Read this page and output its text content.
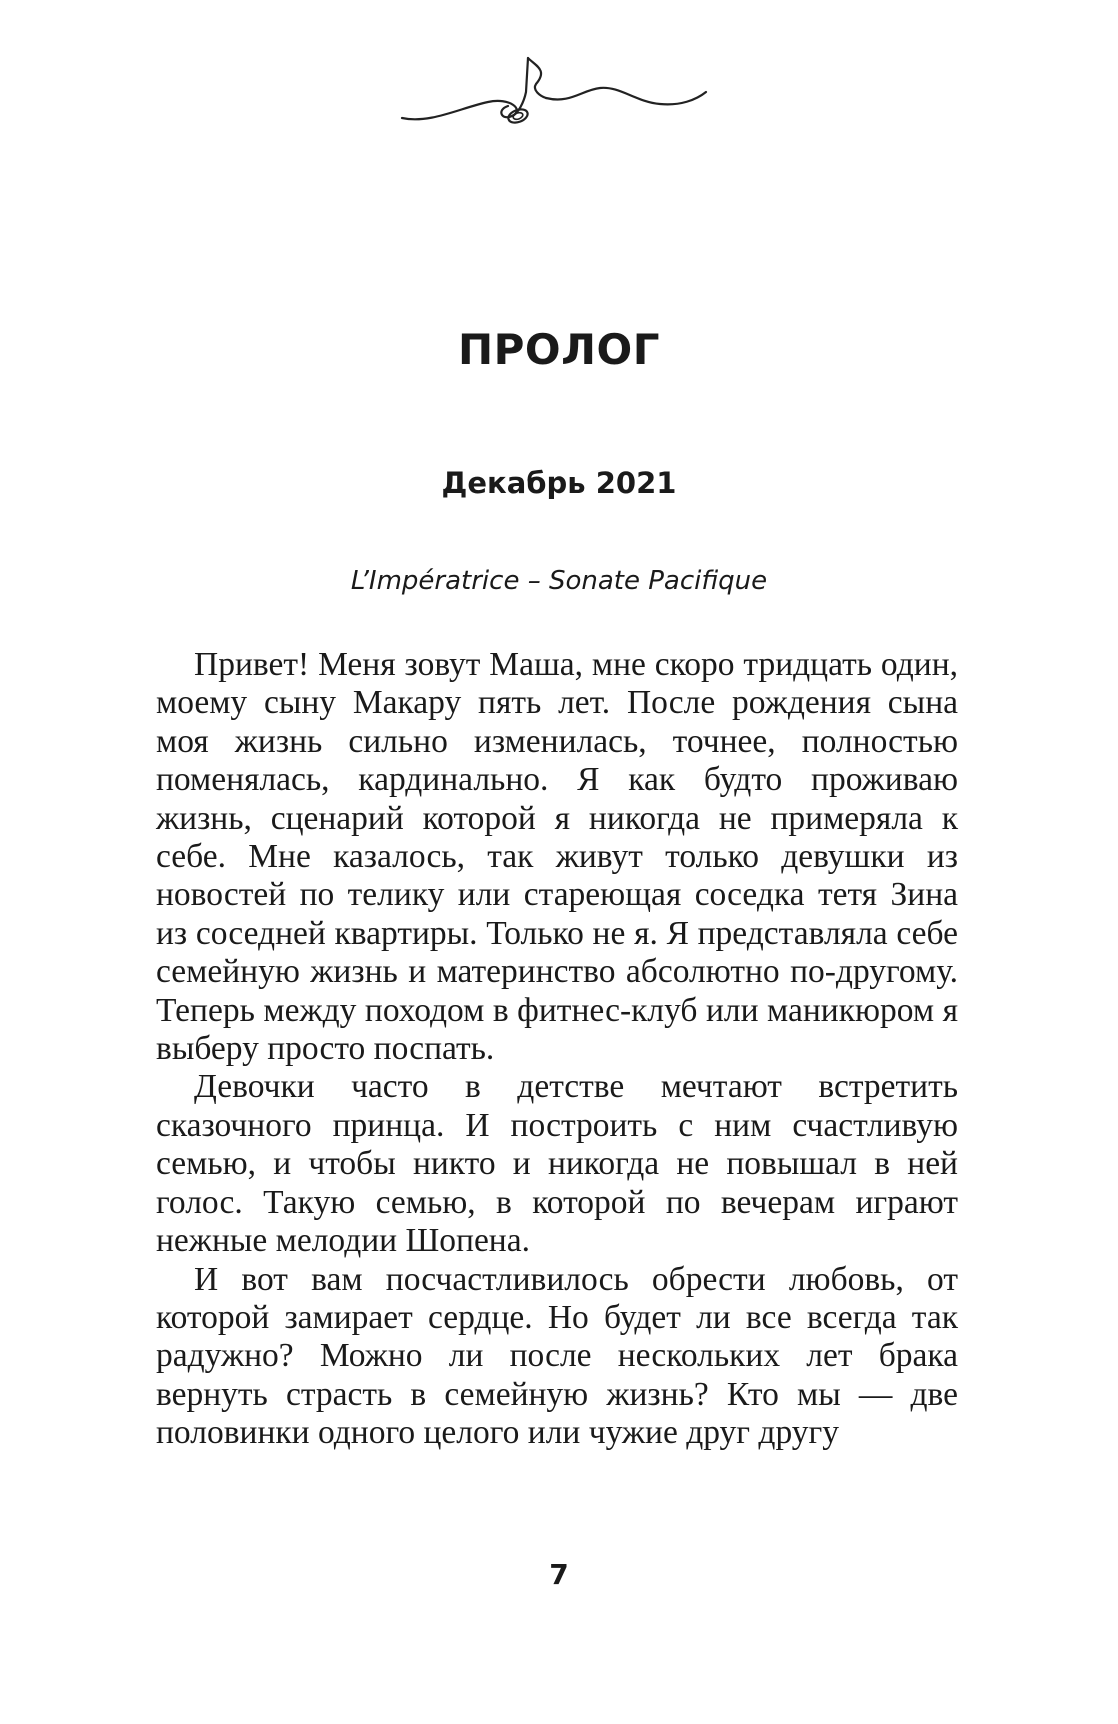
ПРОЛОГ
Декабрь 2021
L’Impératrice – Sonate Pacifique

Привет! Меня зовут Маша, мне скоро тридцать один, моему сыну Макару пять лет. После рождения сына моя жизнь сильно изменилась, точнее, полностью поменялась, кардинально. Я как будто проживаю жизнь, сценарий которой я никогда не примеряла к себе. Мне казалось, так живут только девушки из новостей по телику или стареющая соседка тетя Зина из соседней квартиры. Только не я. Я представляла себе семейную жизнь и материнство абсолютно по-другому. Теперь между походом в фитнес-клуб или маникюром я выберу просто поспать.

Девочки часто в детстве мечтают встретить сказочного принца. И построить с ним счастливую семью, и чтобы никто и никогда не повышал в ней голос. Такую семью, в которой по вечерам играют нежные мелодии Шопена.

И вот вам посчастливилось обрести любовь, от которой замирает сердце. Но будет ли все всегда так радужно? Можно ли после нескольких лет брака вернуть страсть в семейную жизнь? Кто мы — две половинки одного целого или чужие друг другу

7
